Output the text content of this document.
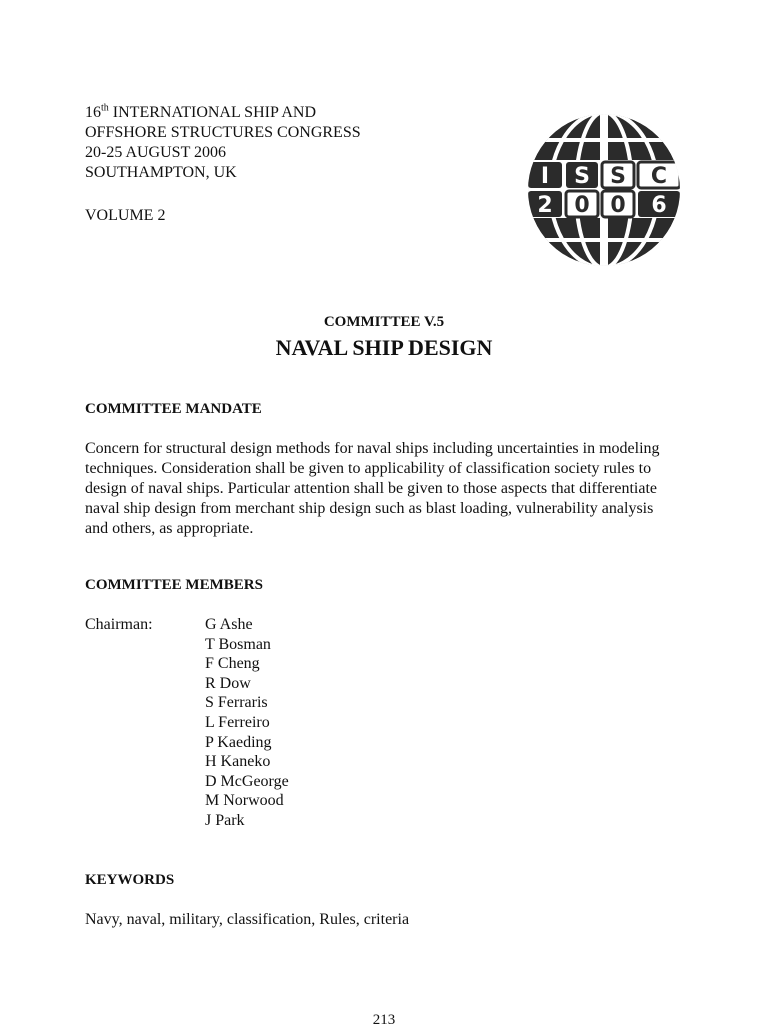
16th INTERNATIONAL SHIP AND
OFFSHORE STRUCTURES CONGRESS
20-25 AUGUST 2006
SOUTHAMPTON, UK
VOLUME 2
I S S C
2 0 0 6
COMMITTEE V.5
NAVAL SHIP DESIGN
COMMITTEE MANDATE
Concern for structural design methods for naval ships including uncertainties in modeling
techniques. Consideration shall be given to applicability of classification society rules to
design of naval ships. Particular attention shall be given to those aspects that differentiate
naval ship design from merchant ship design such as blast loading, vulnerability analysis
and others, as appropriate.
COMMITTEE MEMBERS
Chairman:	G Ashe
T Bosman
F Cheng
R Dow
S Ferraris
L Ferreiro
P Kaeding
H Kaneko
D McGeorge
M Norwood
J Park
KEYWORDS
Navy, naval, military, classification, Rules, criteria
213
